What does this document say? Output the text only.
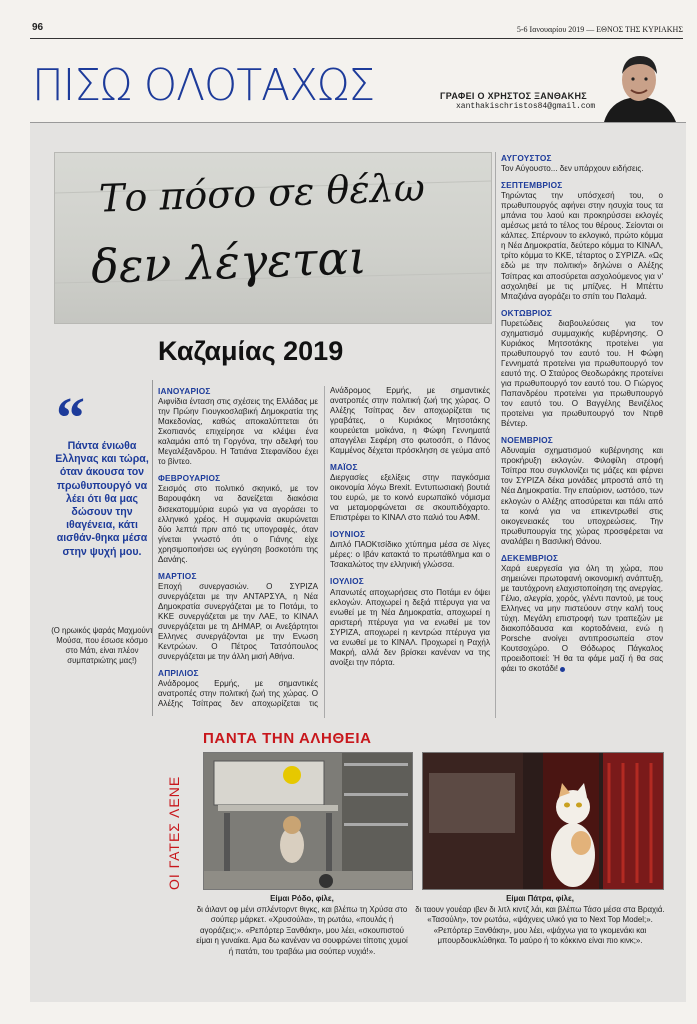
96	5-6 Ιανουαρίου 2019 — ΕΘΝΟΣ ΤΗΣ ΚΥΡΙΑΚΗΣ
ΠΙΣΩ ΟΛΟΤΑΧΩΣ	ΓΡΑΦΕΙ Ο ΧΡΗΣΤΟΣ ΞΑΝΘΑΚΗΣ
xanthakischristos84@gmail.com
Το πόσο σε θέλω
δεν λέγεται
Καζαμίας 2019
“
Πάντα ένιωθα Ελληνας και τώρα, όταν άκουσα τον πρωθυπουργό να λέει ότι θα μας δώσουν την ιθαγένεια, κάτι αισθάν-θηκα μέσα στην ψυχή μου.
(Ο ηρωικός ψαράς Μαχμούντ Μούσα, που έσωσε κόσμο στο Μάτι, είναι πλέον συμπατριώτης μας!)
ΙΑΝΟΥΑΡΙΟΣ

Αιφνίδια ένταση στις σχέσεις της Ελλάδας με την Πρώην Γιουγκοσλαβική Δημοκρατία της Μακεδονίας, καθώς αποκαλύπτεται ότι Σκοπιανός επιχείρησε να κλέψει ένα καλαμάκι από τη Γοργόνα, την αδελφή του Μεγαλέξανδρου. Η Τατιάνα Στεφανίδου έχει το βίντεο.

ΦΕΒΡΟΥΑΡΙΟΣ

Σεισμός στο πολιτικό σκηνικό, με τον Βαρουφάκη να δανείζεται διακόσια δισεκατομμύρια ευρώ για να αγοράσει το ελληνικό χρέος. Η συμφωνία ακυρώνεται δύο λεπτά πριν από τις υπογραφές, όταν γίνεται γνωστό ότι ο Γιάνης είχε χρησιμοποιήσει ως εγγύηση βοσκοτόπι της Δανάης.

ΜΑΡΤΙΟΣ

Εποχή συνεργασιών. Ο ΣΥΡΙΖΑ συνεργάζεται με την ΑΝΤΑΡΣΥΑ, η Νέα Δημοκρατία συνεργάζεται με το Ποτάμι, το ΚΚΕ συνεργάζεται με την ΛΑΕ, το ΚΙΝΑΛ συνεργάζεται με τη ΔΗΜΑΡ, οι Ανεξάρτητοι Ελληνες συνεργάζονται με την Ενωση Κεντρώων. Ο Πέτρος Τατσόπουλος συνεργάζεται με την άλλη μισή Αθήνα.

ΑΠΡΙΛΙΟΣ

Ανάδρομος Ερμής, με σημαντικές ανατροπές στην πολιτική ζωή της χώρας. Ο Αλέξης Τσίπρας δεν αποχωρίζεται τις

Ανάδρομος Ερμής, με σημαντικές ανατροπές στην πολιτική ζωή της χώρας. Ο Αλέξης Τσίπρας δεν αποχωρίζεται τις γραβάτες, ο Κυριάκος Μητσοτάκης κουρεύεται μοϊκάνα, η Φώφη Γεννηματά απαγγέλει Σεφέρη στο φωτοσόπ, ο Πάνος Καμμένος δέχεται πρόσκληση σε γεύμα από

ΜΑΪΟΣ

Διεργασίες εξελίξεις στην παγκόσμια οικονομία λόγω Brexit. Εντυπωσιακή βουτιά του ευρώ, με το κοινό ευρωπαϊκό νόμισμα να μεταμορφώνεται σε σκουπιδόχαρτο. Επιστρέφει το ΚΙΝΑΛ στο παλιό του ΑΦΜ.

ΙΟΥΝΙΟΣ

Διπλό ΠΑΟΚτσίδικο χτύπημα μέσα σε λίγες μέρες: ο Ιβάν κατακτά το πρωτάθλημα και ο Τσακαλώτος την ελληνική γλώσσα.

ΙΟΥΛΙΟΣ

Απανωτές αποχωρήσεις στο Ποτάμι εν όψει εκλογών. Αποχωρεί η δεξιά πτέρυγα για να ενωθεί με τη Νέα Δημοκρατία, αποχωρεί η αριστερή πτέρυγα για να ενωθεί με τον ΣΥΡΙΖΑ, αποχωρεί η κεντρώα πτέρυγα για να ενωθεί με το ΚΙΝΑΛ. Προχωρεί η Ραχήλ Μακρή, αλλά δεν βρίσκει κανέναν να της ανοίξει την πόρτα.

ΑΥΓΟΥΣΤΟΣ

Τον Αύγουστο... δεν υπάρχουν ειδήσεις.

ΣΕΠΤΕΜΒΡΙΟΣ

Τηρώντας την υπόσχεσή του, ο πρωθυπουργός αφήνει στην ησυχία τους τα μπάνια του λαού και προκηρύσσει εκλογές αμέσως μετά το τέλος του θέρους. Σείονται οι κάλπες. Σπέρνουν το εκλογικό, πρώτο κόμμα η Νέα Δημοκρατία, δεύτερο κόμμα το ΚΙΝΑΛ, τρίτο κόμμα το ΚΚΕ, τέταρτος ο ΣΥΡΙΖΑ. «Ως εδώ με την πολιτική» δηλώνει ο Αλέξης Τσίπρας και αποσύρεται ασχολούμενος για ν' ασχοληθεί με τις μπίζνες. Η Μπέττυ Μπαζιάνα αγοράζει το σπίτι του Παλαμά.

ΟΚΤΩΒΡΙΟΣ

Πυρετώδεις διαβουλεύσεις για τον σχηματισμό συμμαχικής κυβέρνησης. Ο Κυριάκος Μητσοτάκης προτείνει για πρωθυπουργό τον εαυτό του. Η Φώφη Γεννηματά προτείνει για πρωθυπουργό τον εαυτό της. Ο Σταύρος Θεοδωράκης προτείνει για πρωθυπουργό τον εαυτό του. Ο Γιώργος Παπανδρέου προτείνει για πρωθυπουργό τον εαυτό του. Ο Βαγγέλης Βενιζέλος προτείνει για πρωθυπουργό τον Ντιρθ Βέντερ.

ΝΟΕΜΒΡΙΟΣ

Αδυναμία σχηματισμού κυβέρνησης και προκήρυξη εκλογών. Φιλοφίλη στροφή Τσίπρα που συγκλονίζει τις μάζες και φέρνει τον ΣΥΡΙΖΑ δέκα μονάδες μπροστά από τη Νέα Δημοκρατία. Την επαύριον, ωστόσο, των εκλογών ο Αλέξης αποσύρεται και πάλι από τα κοινά για να επικεντρωθεί στις οικογενειακές του υποχρεώσεις. Την πρωθυπουργία της χώρας προσφέρεται να αναλάβει η Βασιλική Θάνου.

ΔΕΚΕΜΒΡΙΟΣ

Χαρά ευεργεσία για όλη τη χώρα, που σημειώνει πρωτοφανή οικονομική ανάπτυξη, με ταυτόχρονη ελαχιστοποίηση της ανεργίας. Γέλιο, αλεγρία, χορός, γλέντι παντού, με τους Ελληνες να μην πιστεύουν στην καλή τους τύχη. Μεγάλη επιστροφή των τραπεζών με διακοπόδαυσα και κορτοδάνεια, ενώ η Porsche ανοίγει αντιπροσωπεία στον Κουτσοχώρο. Ο Θόδωρος Πάγκαλος προειδοποιεί: Ή θα τα φάμε μαζί ή θα σας φάει το σκοτάδι!

ΠΑΝΤΑ ΤΗΝ ΑΛΗΘΕΙΑ
ΟΙ ΓΑΤΕΣ ΛΕΝΕ
Είμαι Ρόδο, φίλε,
δι άιλαντ οφ μένι σπλέντορντ θιγκς, και βλέπω τη Χρύσα στο σούπερ μάρκετ. «Χρυσούλα», τη ρωτάω, «πουλάς ή αγοράζεις;». «Ρεπόρτερ Ξανθάκη», μου λέει, «σκουπιστού είμαι η γυναίκα. Αμα δω κανέναν να σουφρώνει τίποτις χυμοί ή πατάτι, του τραβάω μια σούπερ νυχιά!».
Είμαι Πάτρα, φίλε,
δι ταουν γουέαρ ιβεν δι λιτλ κιντζ λάι, και βλέπω Τάσο μέσα στα Βραχιά. «Τασούλη», τον ρωτάω, «ψάχνεις υλικό για το Next Top Model;». «Ρεπόρτερ Ξανθάκη», μου λέει, «ψάχνω για το γκομενάκι και μπουρδουκλώθηκα. Το μαύρο ή το κόκκινο είναι πιο κινκ;».
